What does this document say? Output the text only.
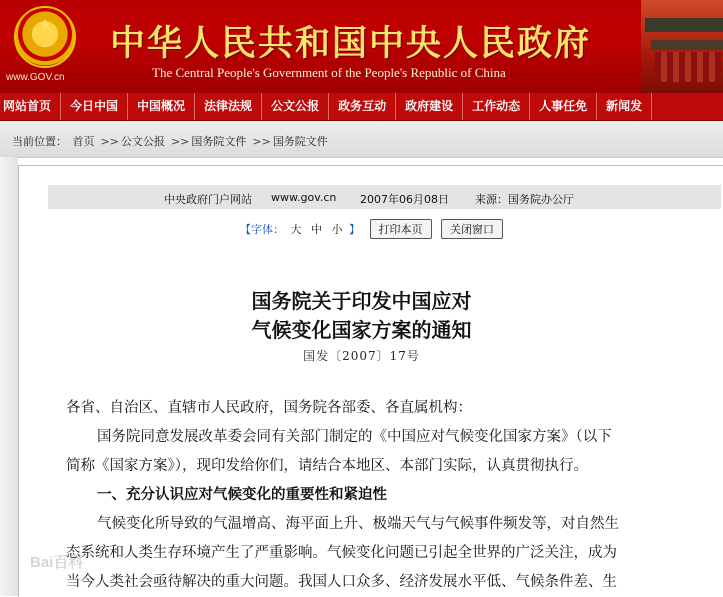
★
www.GOV.cn
中华人民共和国中央人民政府
The Central People's Government of the People's Republic of China
网站首页 今日中国 中国概况 法律法规 公文公报 政务互动 政府建设 工作动态 人事任免 新闻发
当前位置： 首页 >> 公文公报 >> 国务院文件 >> 国务院文件
中央政府门户网站 www.gov.cn 2007年06月08日 来源：国务院办公厅
【字体： 大 中 小 】 打印本页	关闭窗口
国务院关于印发中国应对
气候变化国家方案的通知
国发〔2007〕17号
各省、自治区、直辖市人民政府，国务院各部委、各直属机构：
国务院同意发展改革委会同有关部门制定的《中国应对气候变化国家方案》（以下
简称《国家方案》），现印发给你们，请结合本地区、本部门实际，认真贯彻执行。
一、充分认识应对气候变化的重要性和紧迫性
气候变化所导致的气温增高、海平面上升、极端天气与气候事件频发等，对自然生
态系统和人类生存环境产生了严重影响。气候变化问题已引起全世界的广泛关注，成为
当今人类社会亟待解决的重大问题。我国人口众多、经济发展水平低、气候条件差、生
Bai百科
